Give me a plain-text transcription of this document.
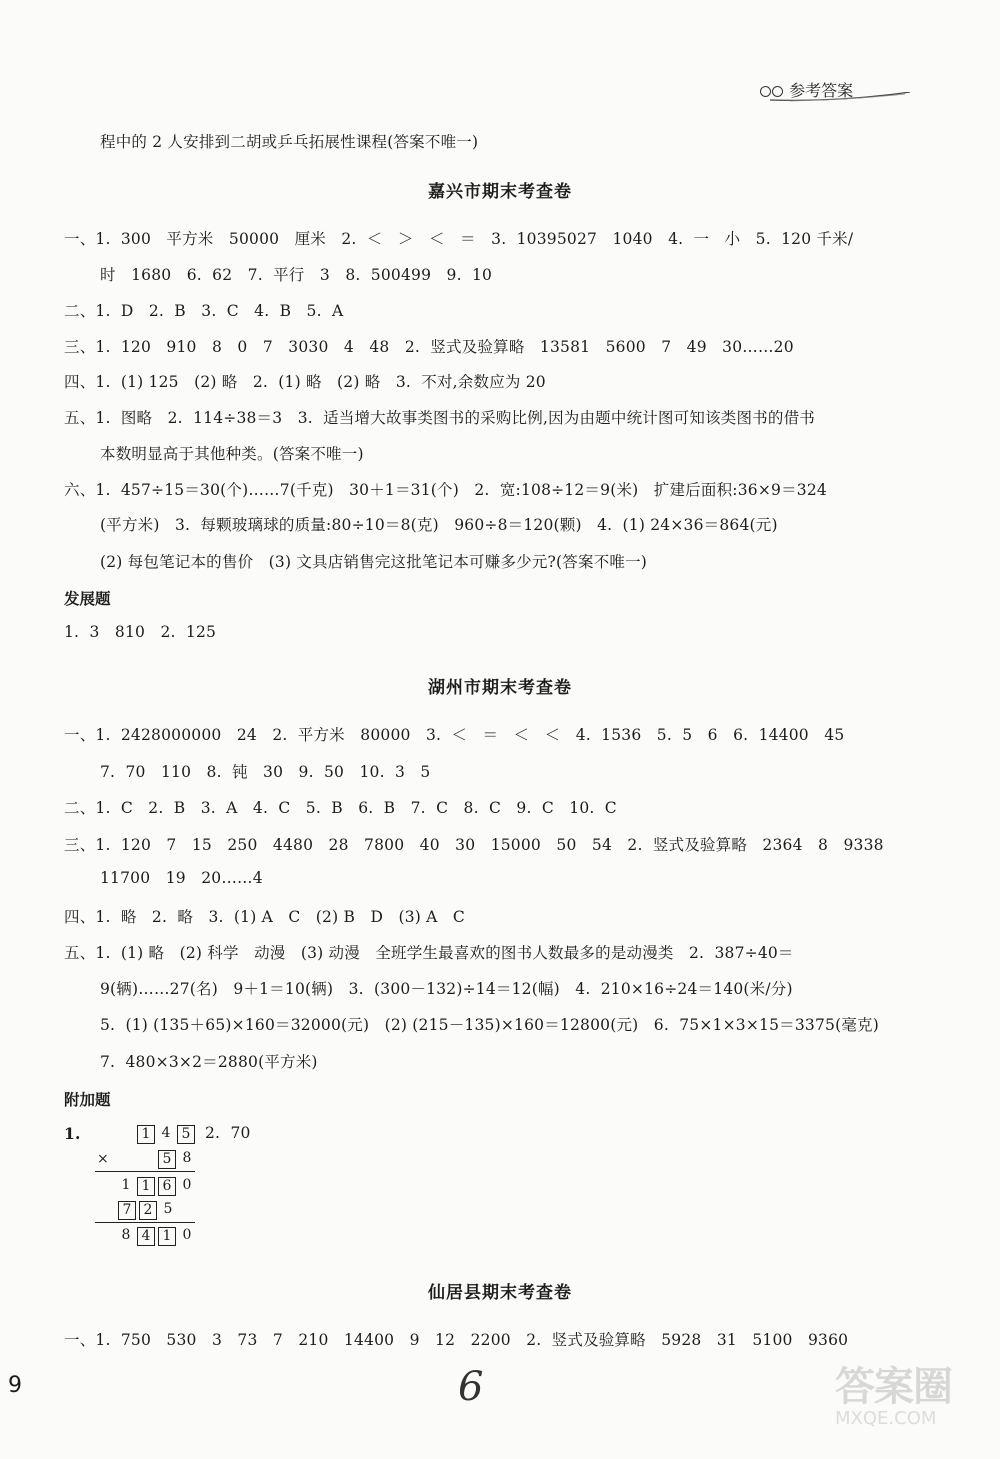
参考答案
程中的 2 人安排到二胡或乒乓拓展性课程(答案不唯一)
嘉兴市期末考查卷
一、1.  300   平方米   50000   厘米   2.  ＜   ＞   ＜   ＝   3.  10395027   1040   4.  一   小   5.  120 千米/
时   1680   6.  62   7.  平行   3   8.  500499   9.  10
二、1.  D   2.  B   3.  C   4.  B   5.  A
三、1.  120   910   8   0   7   3030   4   48   2.  竖式及验算略   13581   5600   7   49   30……20
四、1.  (1) 125   (2) 略   2.  (1) 略   (2) 略   3.  不对,余数应为 20
五、1.  图略   2.  114÷38＝3   3.  适当增大故事类图书的采购比例,因为由题中统计图可知该类图书的借书
本数明显高于其他种类。(答案不唯一)
六、1.  457÷15＝30(个)……7(千克)   30＋1＝31(个)   2.  宽:108÷12＝9(米)   扩建后面积:36×9＝324
(平方米)   3.  每颗玻璃球的质量:80÷10＝8(克)   960÷8＝120(颗)   4.  (1) 24×36＝864(元)
(2) 每包笔记本的售价   (3) 文具店销售完这批笔记本可赚多少元?(答案不唯一)
发展题
1.  3   810   2.  125
湖州市期末考查卷
一、1.  2428000000   24   2.  平方米   80000   3.  ＜   ＝   ＜   ＜   4.  1536   5.  5   6   6.  14400   45
7.  70   110   8.  钝   30   9.  50   10.  3   5
二、1.  C   2.  B   3.  A   4.  C   5.  B   6.  B   7.  C   8.  C   9.  C   10.  C
三、1.  120   7   15   250   4480   28   7800   40   30   15000   50   54   2.  竖式及验算略   2364   8   9338
11700   19   20……4
四、1.  略   2.  略   3.  (1) A   C   (2) B   D   (3) A   C
五、1.  (1) 略   (2) 科学   动漫   (3) 动漫   全班学生最喜欢的图书人数最多的是动漫类   2.  387÷40＝
9(辆)……27(名)   9＋1＝10(辆)   3.  (300－132)÷14＝12(幅)   4.  210×16÷24＝140(米/分)
5.  (1) (135＋65)×160＝32000(元)   (2) (215－135)×160＝12800(元)   6.  75×1×3×15＝3375(毫克)
7.  480×3×2＝2880(平方米)
附加题
1.	2.  70
1 4 5
×	5 8
1 1 6 0
7 2 5
8 4 1 0
仙居县期末考查卷
一、1.  750   530   3   73   7   210   14400   9   12   2200   2.  竖式及验算略   5928   31   5100   9360
9	6	答案圈
MXQE.COM
